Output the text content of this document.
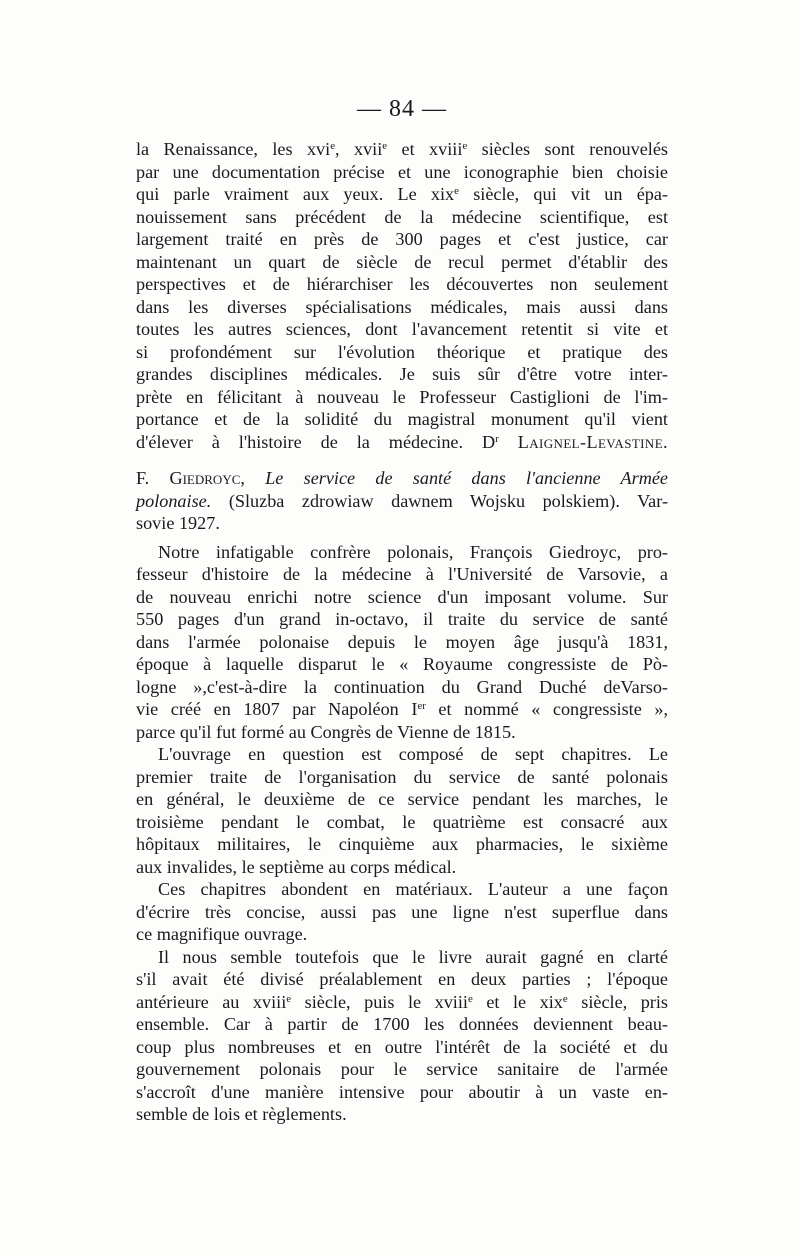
— 84 —
la Renaissance, les xvi$^e$, xvii$^e$ et xviii$^e$ siècles sont renouvelés
par une documentation précise et une iconographie bien choisie
qui parle vraiment aux yeux. Le xix$^e$ siècle, qui vit un épa-
nouissement sans précédent de la médecine scientifique, est
largement traité en près de 300 pages et c'est justice, car
maintenant un quart de siècle de recul permet d'établir des
perspectives et de hiérarchiser les découvertes non seulement
dans les diverses spécialisations médicales, mais aussi dans
toutes les autres sciences, dont l'avancement retentit si vite et
si profondément sur l'évolution théorique et pratique des
grandes disciplines médicales. Je suis sûr d'être votre inter-
prète en félicitant à nouveau le Professeur Castiglioni de l'im-
portance et de la solidité du magistral monument qu'il vient
d'élever à l'histoire de la médecine. $D^r$ Laignel-Levastine.
F. Giedroyc, Le service de santé dans l'ancienne Armée
polonaise. (Sluzba zdrowiaw dawnem Wojsku polskiem). Var-
sovie 1927.
Notre infatigable confrère polonais, François Giedroyc, pro-
fesseur d'histoire de la médecine à l'Université de Varsovie, a
de nouveau enrichi notre science d'un imposant volume. Sur
550 pages d'un grand in-octavo, il traite du service de santé
dans l'armée polonaise depuis le moyen âge jusqu'à 1831,
époque à laquelle disparut le « Royaume congressiste de Pò-
logne »,c'est-à-dire la continuation du Grand Duché deVarso-
vie créé en 1807 par Napoléon Ier et nommé « congressiste »,
parce qu'il fut formé au Congrès de Vienne de 1815.
L'ouvrage en question est composé de sept chapitres. Le
premier traite de l'organisation du service de santé polonais
en général, le deuxième de ce service pendant les marches, le
troisième pendant le combat, le quatrième est consacré aux
hôpitaux militaires, le cinquième aux pharmacies, le sixième
aux invalides, le septième au corps médical.
Ces chapitres abondent en matériaux. L'auteur a une façon
d'écrire très concise, aussi pas une ligne n'est superflue dans
ce magnifique ouvrage.
Il nous semble toutefois que le livre aurait gagné en clarté
s'il avait été divisé préalablement en deux parties ; l'époque
antérieure au xviii$^e$ siècle, puis le xviii$^e$ et le xix$^e$ siècle, pris
ensemble. Car à partir de 1700 les données deviennent beau-
coup plus nombreuses et en outre l'intérêt de la société et du
gouvernement polonais pour le service sanitaire de l'armée
s'accroît d'une manière intensive pour aboutir à un vaste en-
semble de lois et règlements.
